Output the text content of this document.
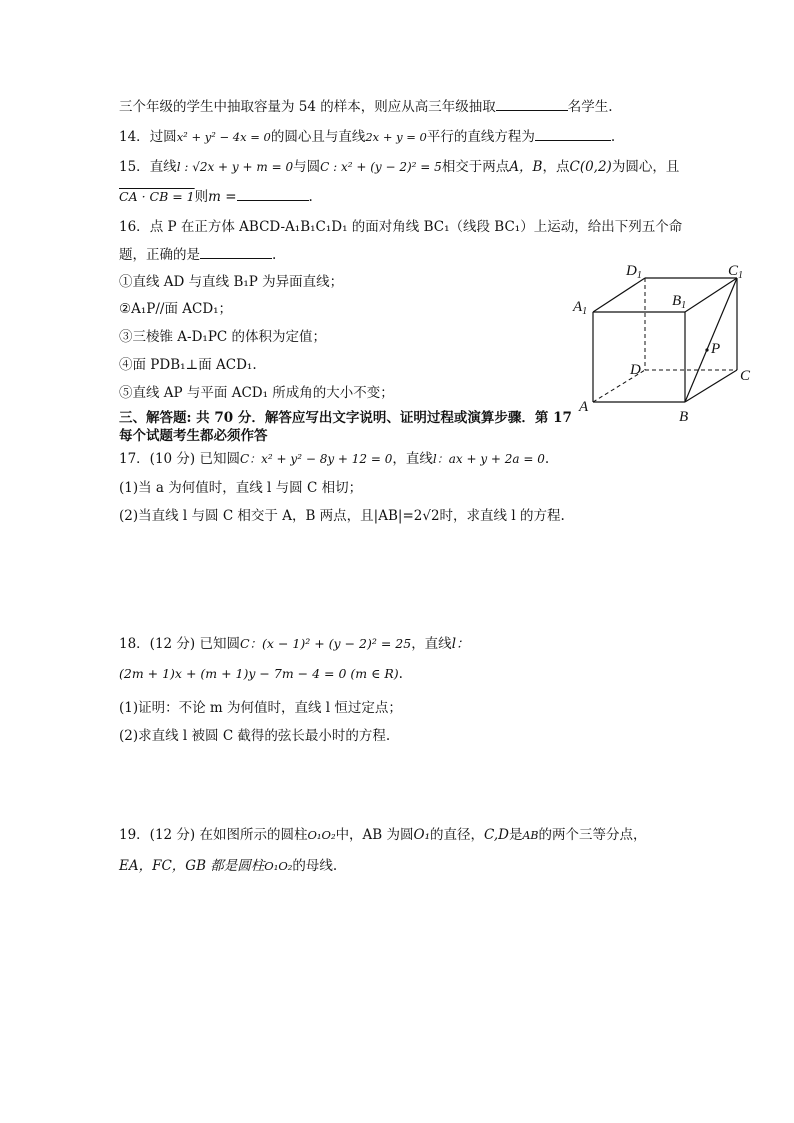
三个年级的学生中抽取容量为 54 的样本，则应从高三年级抽取	名学生.
14．过圆x² + y² − 4x = 0的圆心且与直线2x + y = 0平行的直线方程为	.
15．直线l : √2x + y + m = 0与圆C : x² + (y − 2)² = 5相交于两点A，B，点C(0,2)为圆心，且
CA · CB = 1则m =	.
16．点 P 在正方体 ABCD-A₁B₁C₁D₁ 的面对角线 BC₁（线段 BC₁）上运动，给出下列五个命
题，正确的是	.
①直线 AD 与直线 B₁P 为异面直线；
②A₁P//面 ACD₁；
③三棱锥 A-D₁PC 的体积为定值；
④面 PDB₁⊥面 ACD₁.
⑤直线 AP 与平面 ACD₁ 所成角的大小不变；
$D_1$	$C_1$
$A_1$
$B_1$
P
D	C
A
B
三、解答题: 共 70 分．解答应写出文字说明、证明过程或演算步骤．第 17
每个试题考生都必须作答
17．(10 分) 已知圆C：x² + y² − 8y + 12 = 0，直线l：ax + y + 2a = 0.
(1)当 a 为何值时，直线 l 与圆 C 相切；
(2)当直线 l 与圆 C 相交于 A，B 两点，且|AB|=2√2时，求直线 l 的方程.
18．(12 分) 已知圆C：(x − 1)² + (y − 2)² = 25，直线l：
(2m + 1)x + (m + 1)y − 7m − 4 = 0 (m ∈ R).
(1)证明：不论 m 为何值时，直线 l 恒过定点；
(2)求直线 l 被圆 C 截得的弦长最小时的方程.
19．(12 分) 在如图所示的圆柱O₁O₂中，AB 为圆O₁的直径，C,D是AB的两个三等分点，
EA，FC，GB 都是圆柱O₁O₂的母线.
